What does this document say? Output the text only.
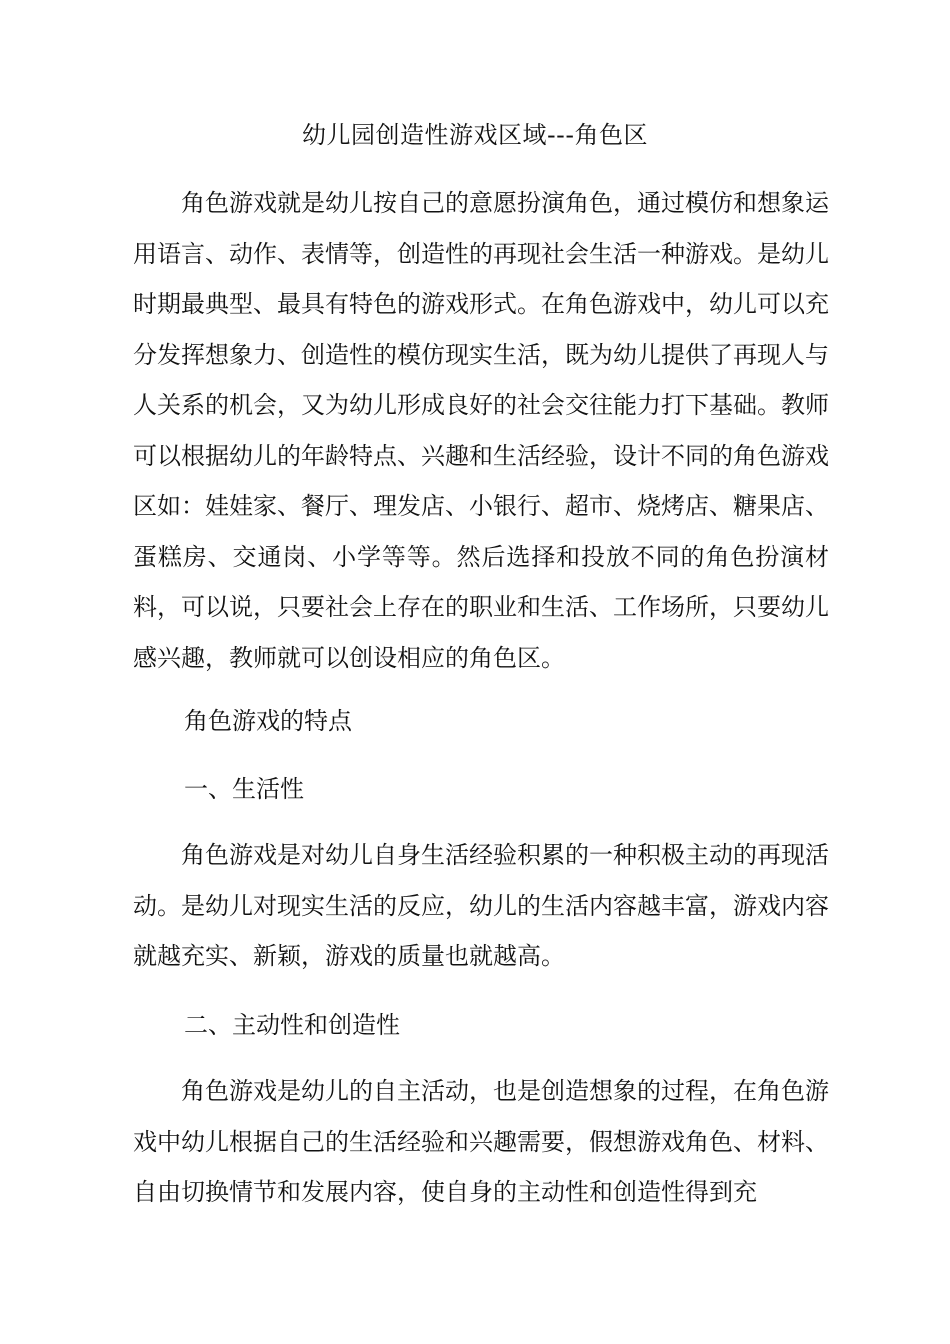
幼儿园创造性游戏区域---角色区

角色游戏就是幼儿按自己的意愿扮演角色，通过模仿和想象运用语言、动作、表情等，创造性的再现社会生活一种游戏。是幼儿时期最典型、最具有特色的游戏形式。在角色游戏中，幼儿可以充分发挥想象力、创造性的模仿现实生活，既为幼儿提供了再现人与人关系的机会，又为幼儿形成良好的社会交往能力打下基础。教师可以根据幼儿的年龄特点、兴趣和生活经验，设计不同的角色游戏区如：娃娃家、餐厅、理发店、小银行、超市、烧烤店、糖果店、蛋糕房、交通岗、小学等等。然后选择和投放不同的角色扮演材料，可以说，只要社会上存在的职业和生活、工作场所，只要幼儿感兴趣，教师就可以创设相应的角色区。

角色游戏的特点

一、生活性

角色游戏是对幼儿自身生活经验积累的一种积极主动的再现活动。是幼儿对现实生活的反应，幼儿的生活内容越丰富，游戏内容就越充实、新颖，游戏的质量也就越高。

二、主动性和创造性

角色游戏是幼儿的自主活动，也是创造想象的过程，在角色游戏中幼儿根据自己的生活经验和兴趣需要，假想游戏角色、材料、自由切换情节和发展内容，使自身的主动性和创造性得到充
